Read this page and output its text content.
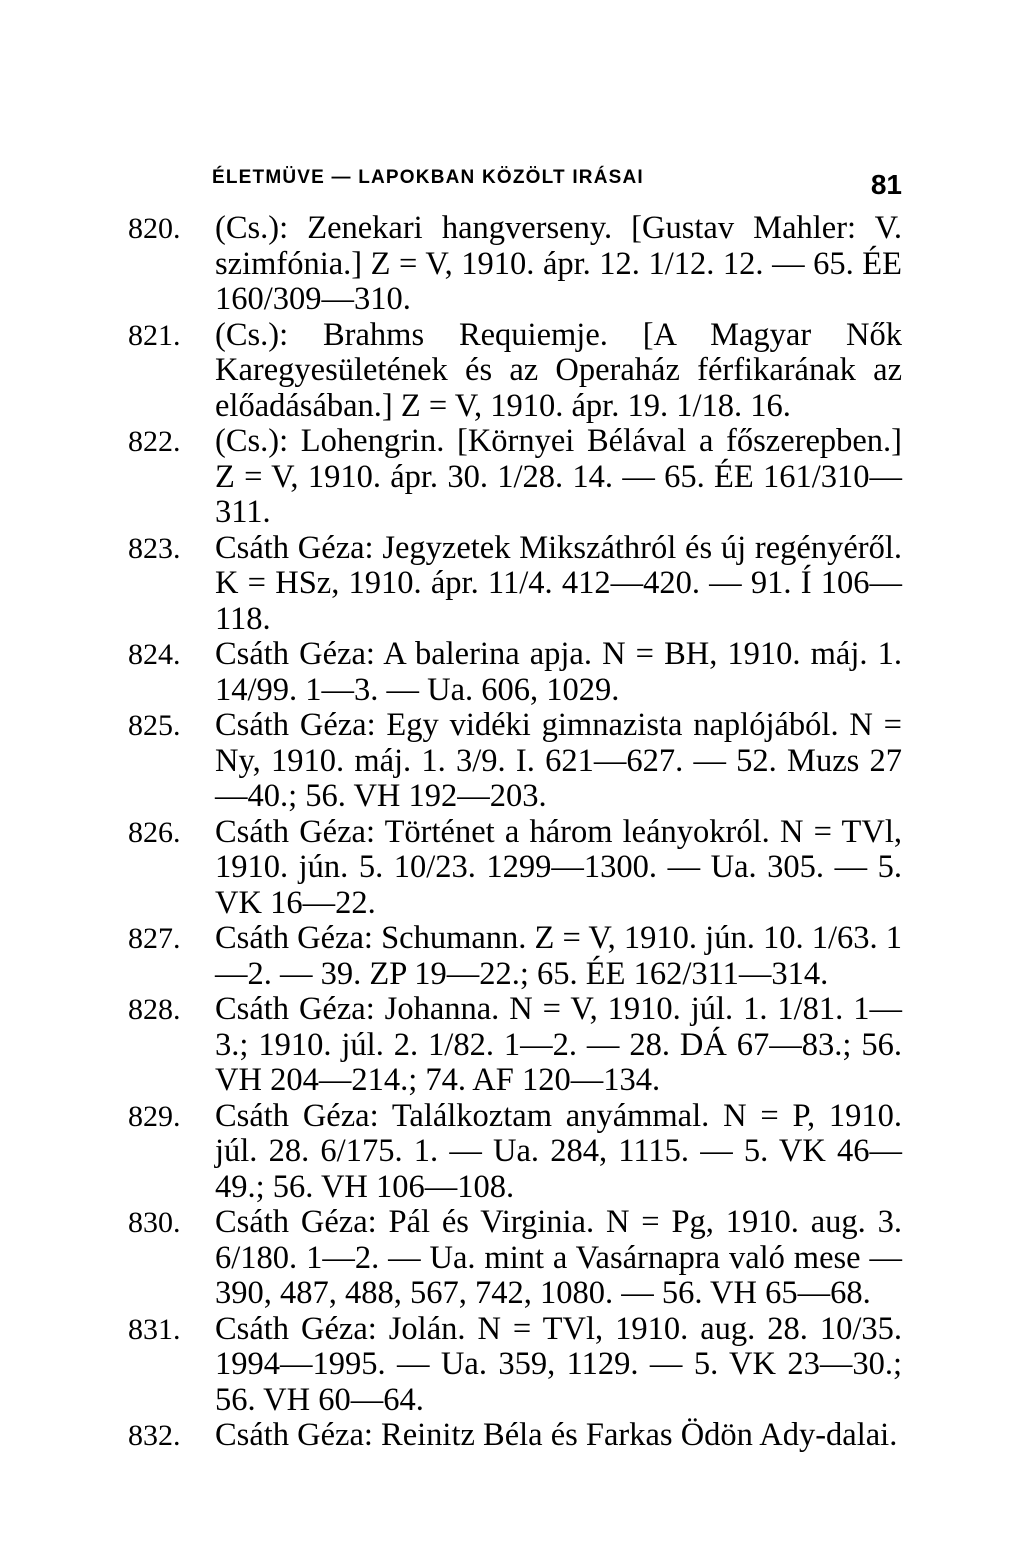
ÉLETMÜVE — LAPOKBAN KÖZÖLT IRÁSAI	81
820.	(Cs.): Zenekari hangverseny. [Gustav Mahler: V. szimfónia.] Z = V, 1910. ápr. 12. 1/12. 12. — 65. ÉE 160/309—310.
821.	(Cs.): Brahms Requiemje. [A Magyar Nők Karegyesületének és az Operaház férfikarának az előadásában.] Z = V, 1910. ápr. 19. 1/18. 16.
822.	(Cs.): Lohengrin. [Környei Bélával a főszerepben.] Z = V, 1910. ápr. 30. 1/28. 14. — 65. ÉE 161/310—311.
823.	Csáth Géza: Jegyzetek Mikszáthról és új regényéről. K = HSz, 1910. ápr. 11/4. 412—420. — 91. Í 106—118.
824.	Csáth Géza: A balerina apja. N = BH, 1910. máj. 1. 14/99. 1—3. — Ua. 606, 1029.
825.	Csáth Géza: Egy vidéki gimnazista naplójából. N = Ny, 1910. máj. 1. 3/9. I. 621—627. — 52. Muzs 27—40.; 56. VH 192—203.
826.	Csáth Géza: Történet a három leányokról. N = TVl, 1910. jún. 5. 10/23. 1299—1300. — Ua. 305. — 5. VK 16—22.
827.	Csáth Géza: Schumann. Z = V, 1910. jún. 10. 1/63. 1—2. — 39. ZP 19—22.; 65. ÉE 162/311—314.
828.	Csáth Géza: Johanna. N = V, 1910. júl. 1. 1/81. 1—3.; 1910. júl. 2. 1/82. 1—2. — 28. DÁ 67—83.; 56. VH 204—214.; 74. AF 120—134.
829.	Csáth Géza: Találkoztam anyámmal. N = P, 1910. júl. 28. 6/175. 1. — Ua. 284, 1115. — 5. VK 46—49.; 56. VH 106—108.
830.	Csáth Géza: Pál és Virginia. N = Pg, 1910. aug. 3. 6/180. 1—2. — Ua. mint a Vasárnapra való mese — 390, 487, 488, 567, 742, 1080. — 56. VH 65—68.
831.	Csáth Géza: Jolán. N = TVl, 1910. aug. 28. 10/35. 1994—1995. — Ua. 359, 1129. — 5. VK 23—30.; 56. VH 60—64.
832.	Csáth Géza: Reinitz Béla és Farkas Ödön Ady-dalai.
